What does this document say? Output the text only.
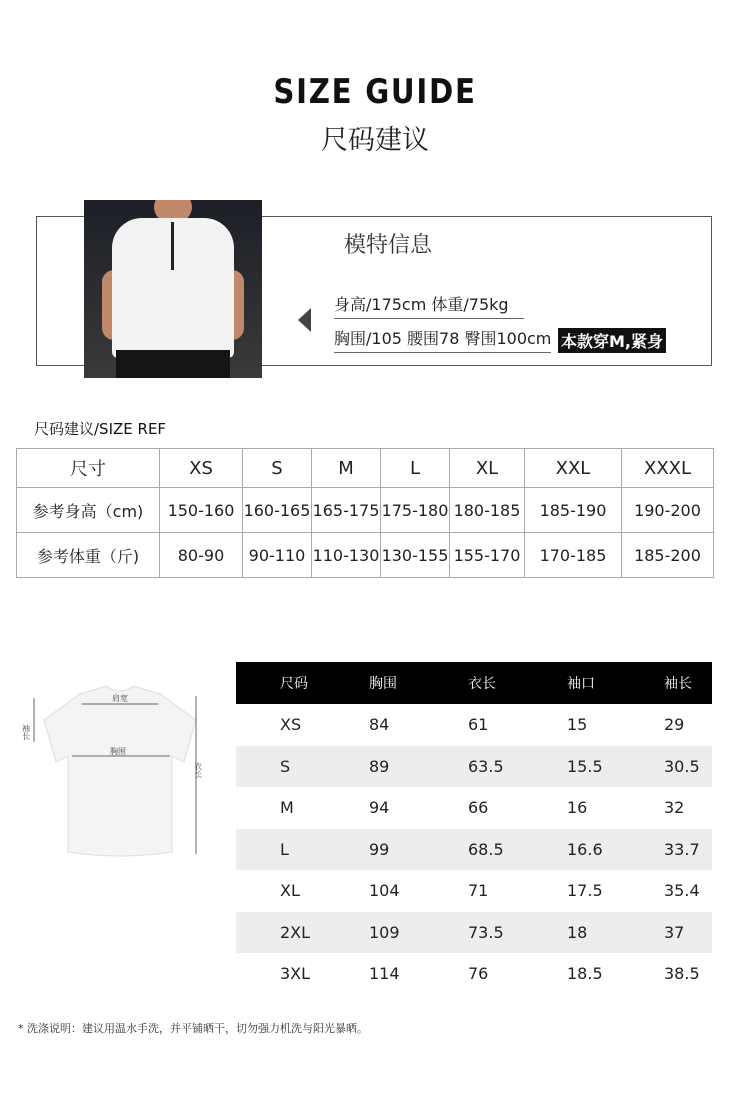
SIZE GUIDE
尺码建议
模特信息
身高/175cm 体重/75kg
胸围/105 腰围78 臀围100cm 本款穿M,紧身
尺码建议/SIZE REF
尺寸	XS	S	M	L	XL	XXL	XXXL
参考身高（cm)	150-160	160-165	165-175	175-180	180-185	185-190	190-200
参考体重（斤)	80-90	90-110	110-130	130-155	155-170	170-185	185-200
肩宽
胸围
袖长
衣长
尺码	胸围	衣长	袖口	袖长
XS	84	61	15	29
S	89	63.5	15.5	30.5
M	94	66	16	32
L	99	68.5	16.6	33.7
XL	104	71	17.5	35.4
2XL	109	73.5	18	37
3XL	114	76	18.5	38.5
* 洗涤说明：建议用温水手洗，并平铺晒干，切勿强力机洗与阳光暴晒。
